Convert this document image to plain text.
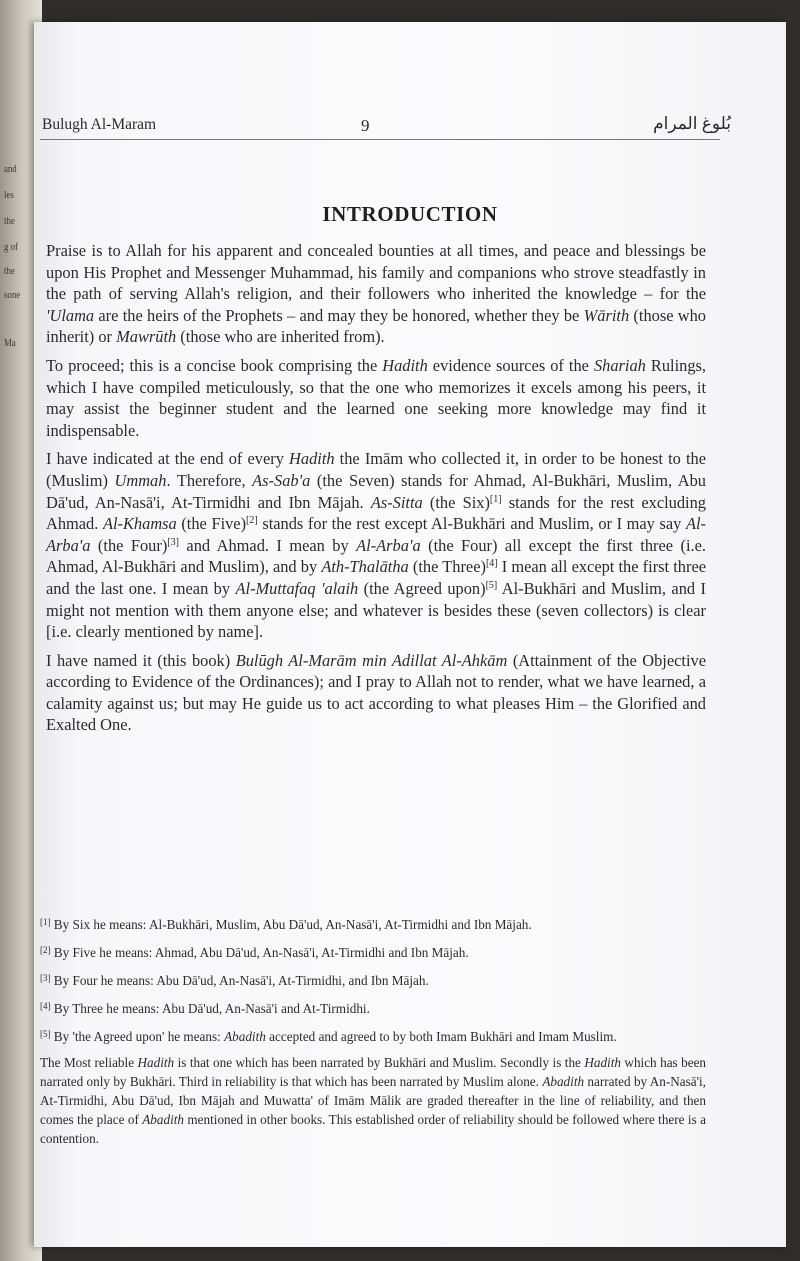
and
les
the
g of
the
sone
Ma
Bulugh Al-Maram	9	بُلوغ المرام
INTRODUCTION

Praise is to Allah for his apparent and concealed bounties at all times, and peace and blessings be upon His Prophet and Messenger Muhammad, his family and companions who strove steadfastly in the path of serving Allah's religion, and their followers who inherited the knowledge – for the 'Ulama are the heirs of the Prophets – and may they be honored, whether they be Wārith (those who inherit) or Mawrūth (those who are inherited from).

To proceed; this is a concise book comprising the Hadith evidence sources of the Shariah Rulings, which I have compiled meticulously, so that the one who memorizes it excels among his peers, it may assist the beginner student and the learned one seeking more knowledge may find it indispensable.

I have indicated at the end of every Hadith the Imām who collected it, in order to be honest to the (Muslim) Ummah. Therefore, As-Sab'a (the Seven) stands for Ahmad, Al-Bukhāri, Muslim, Abu Dā'ud, An-Nasā'i, At-Tirmidhi and Ibn Mājah. As-Sitta (the Six)[1] stands for the rest excluding Ahmad. Al-Khamsa (the Five)[2] stands for the rest except Al-Bukhāri and Muslim, or I may say Al-Arba'a (the Four)[3] and Ahmad. I mean by Al-Arba'a (the Four) all except the first three (i.e. Ahmad, Al-Bukhāri and Muslim), and by Ath-Thalātha (the Three)[4] I mean all except the first three and the last one. I mean by Al-Muttafaq 'alaih (the Agreed upon)[5] Al-Bukhāri and Muslim, and I might not mention with them anyone else; and whatever is besides these (seven collectors) is clear [i.e. clearly mentioned by name].

I have named it (this book) Bulūgh Al-Marām min Adillat Al-Ahkām (Attainment of the Objective according to Evidence of the Ordinances); and I pray to Allah not to render, what we have learned, a calamity against us; but may He guide us to act according to what pleases Him – the Glorified and Exalted One.

[1] By Six he means: Al-Bukhāri, Muslim, Abu Dā'ud, An-Nasā'i, At-Tirmidhi and Ibn Mājah.
[2] By Five he means: Ahmad, Abu Dā'ud, An-Nasā'i, At-Tirmidhi and Ibn Mājah.
[3] By Four he means: Abu Dā'ud, An-Nasā'i, At-Tirmidhi, and Ibn Mājah.
[4] By Three he means: Abu Dā'ud, An-Nasā'i and At-Tirmidhi.
[5] By 'the Agreed upon' he means: Abadith accepted and agreed to by both Imam Bukhāri and Imam Muslim.
The Most reliable Hadith is that one which has been narrated by Bukhāri and Muslim. Secondly is the Hadith which has been narrated only by Bukhāri. Third in reliability is that which has been narrated by Muslim alone. Abadith narrated by An-Nasā'i, At-Tirmidhi, Abu Dā'ud, Ibn Mājah and Muwatta' of Imām Mālik are graded thereafter in the line of reliability, and then comes the place of Abadith mentioned in other books. This established order of reliability should be followed where there is a contention.
